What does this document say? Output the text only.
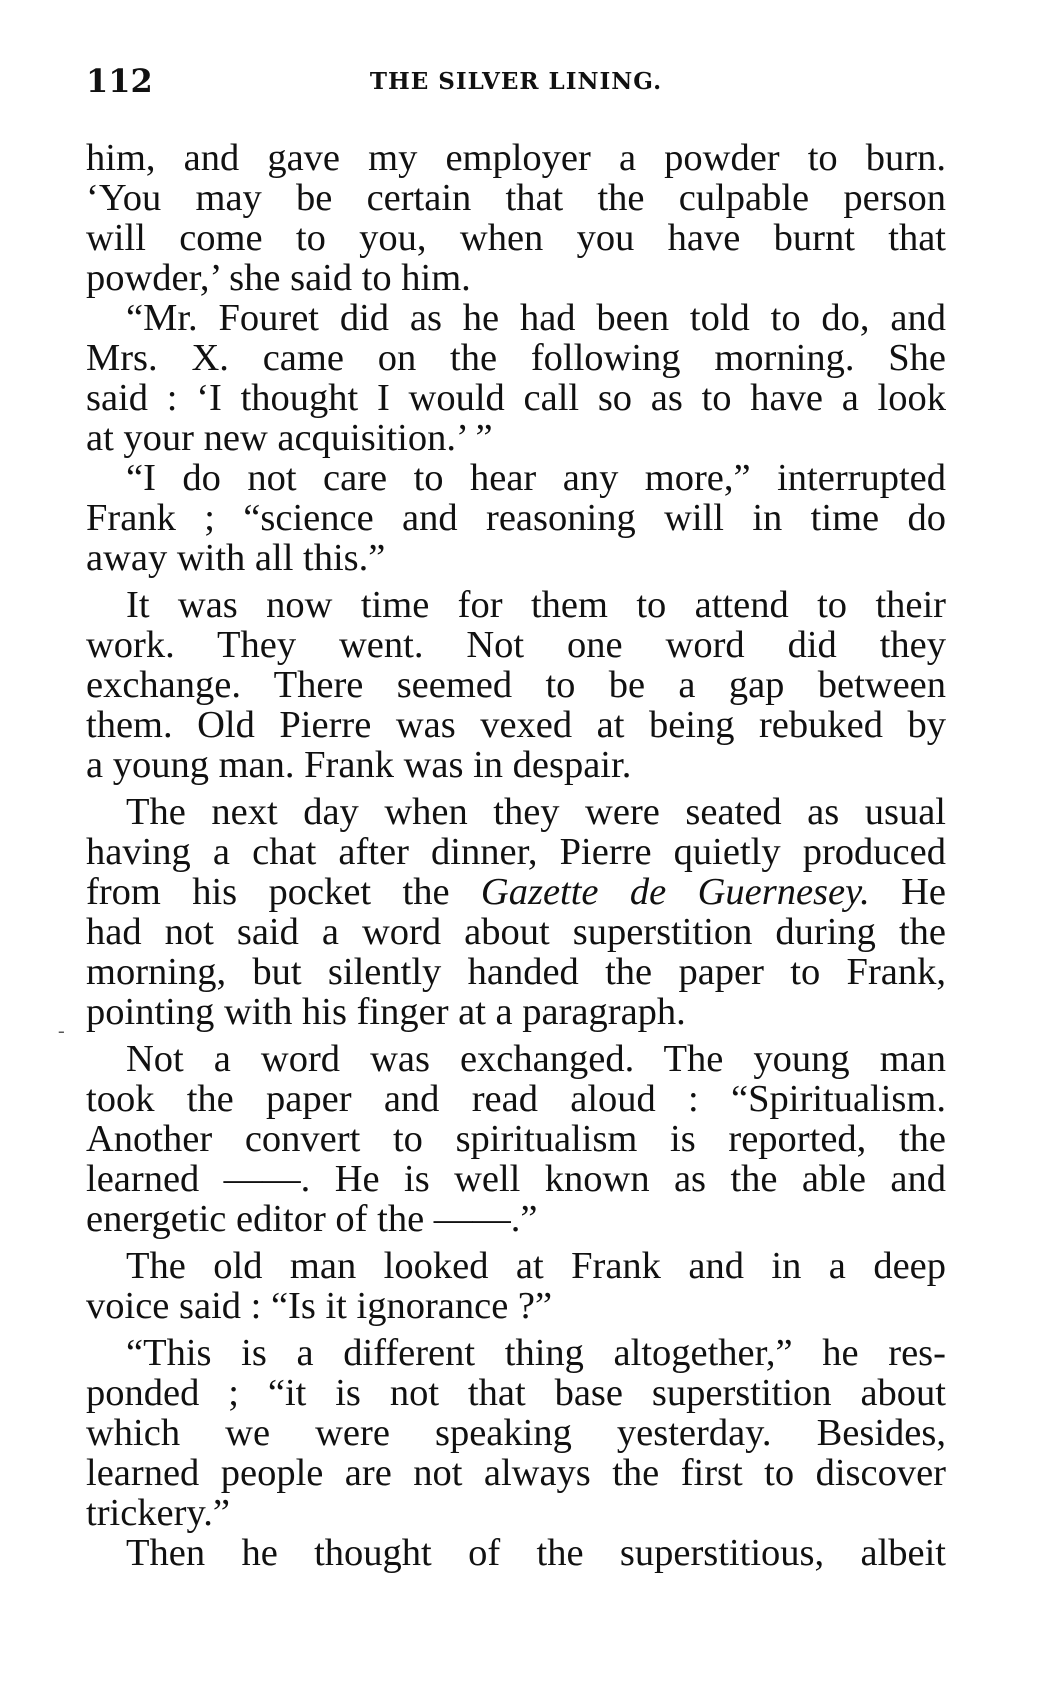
112	THE SILVER LINING.
-
him, and gave my employer a powder to burn.
‘You may be certain that the culpable person
will come to you, when you have burnt that
powder,’ she said to him.
“Mr. Fouret did as he had been told to do, and
Mrs. X. came on the following morning. She
said : ‘I thought I would call so as to have a look
at your new acquisition.’ ”
“I do not care to hear any more,” interrupted
Frank ; “science and reasoning will in time do
away with all this.”
It was now time for them to attend to their
work. They went. Not one word did they
exchange. There seemed to be a gap between
them. Old Pierre was vexed at being rebuked by
a young man. Frank was in despair.
The next day when they were seated as usual
having a chat after dinner, Pierre quietly produced
from his pocket the Gazette de Guernesey. He
had not said a word about superstition during the
morning, but silently handed the paper to Frank,
pointing with his finger at a paragraph.
Not a word was exchanged. The young man
took the paper and read aloud : “Spiritualism.
Another convert to spiritualism is reported, the
learned ——. He is well known as the able and
energetic editor of the ——.”
The old man looked at Frank and in a deep
voice said : “Is it ignorance ?”
“This is a different thing altogether,” he res-
ponded ; “it is not that base superstition about
which we were speaking yesterday. Besides,
learned people are not always the first to discover
trickery.”
Then he thought of the superstitious, albeit
